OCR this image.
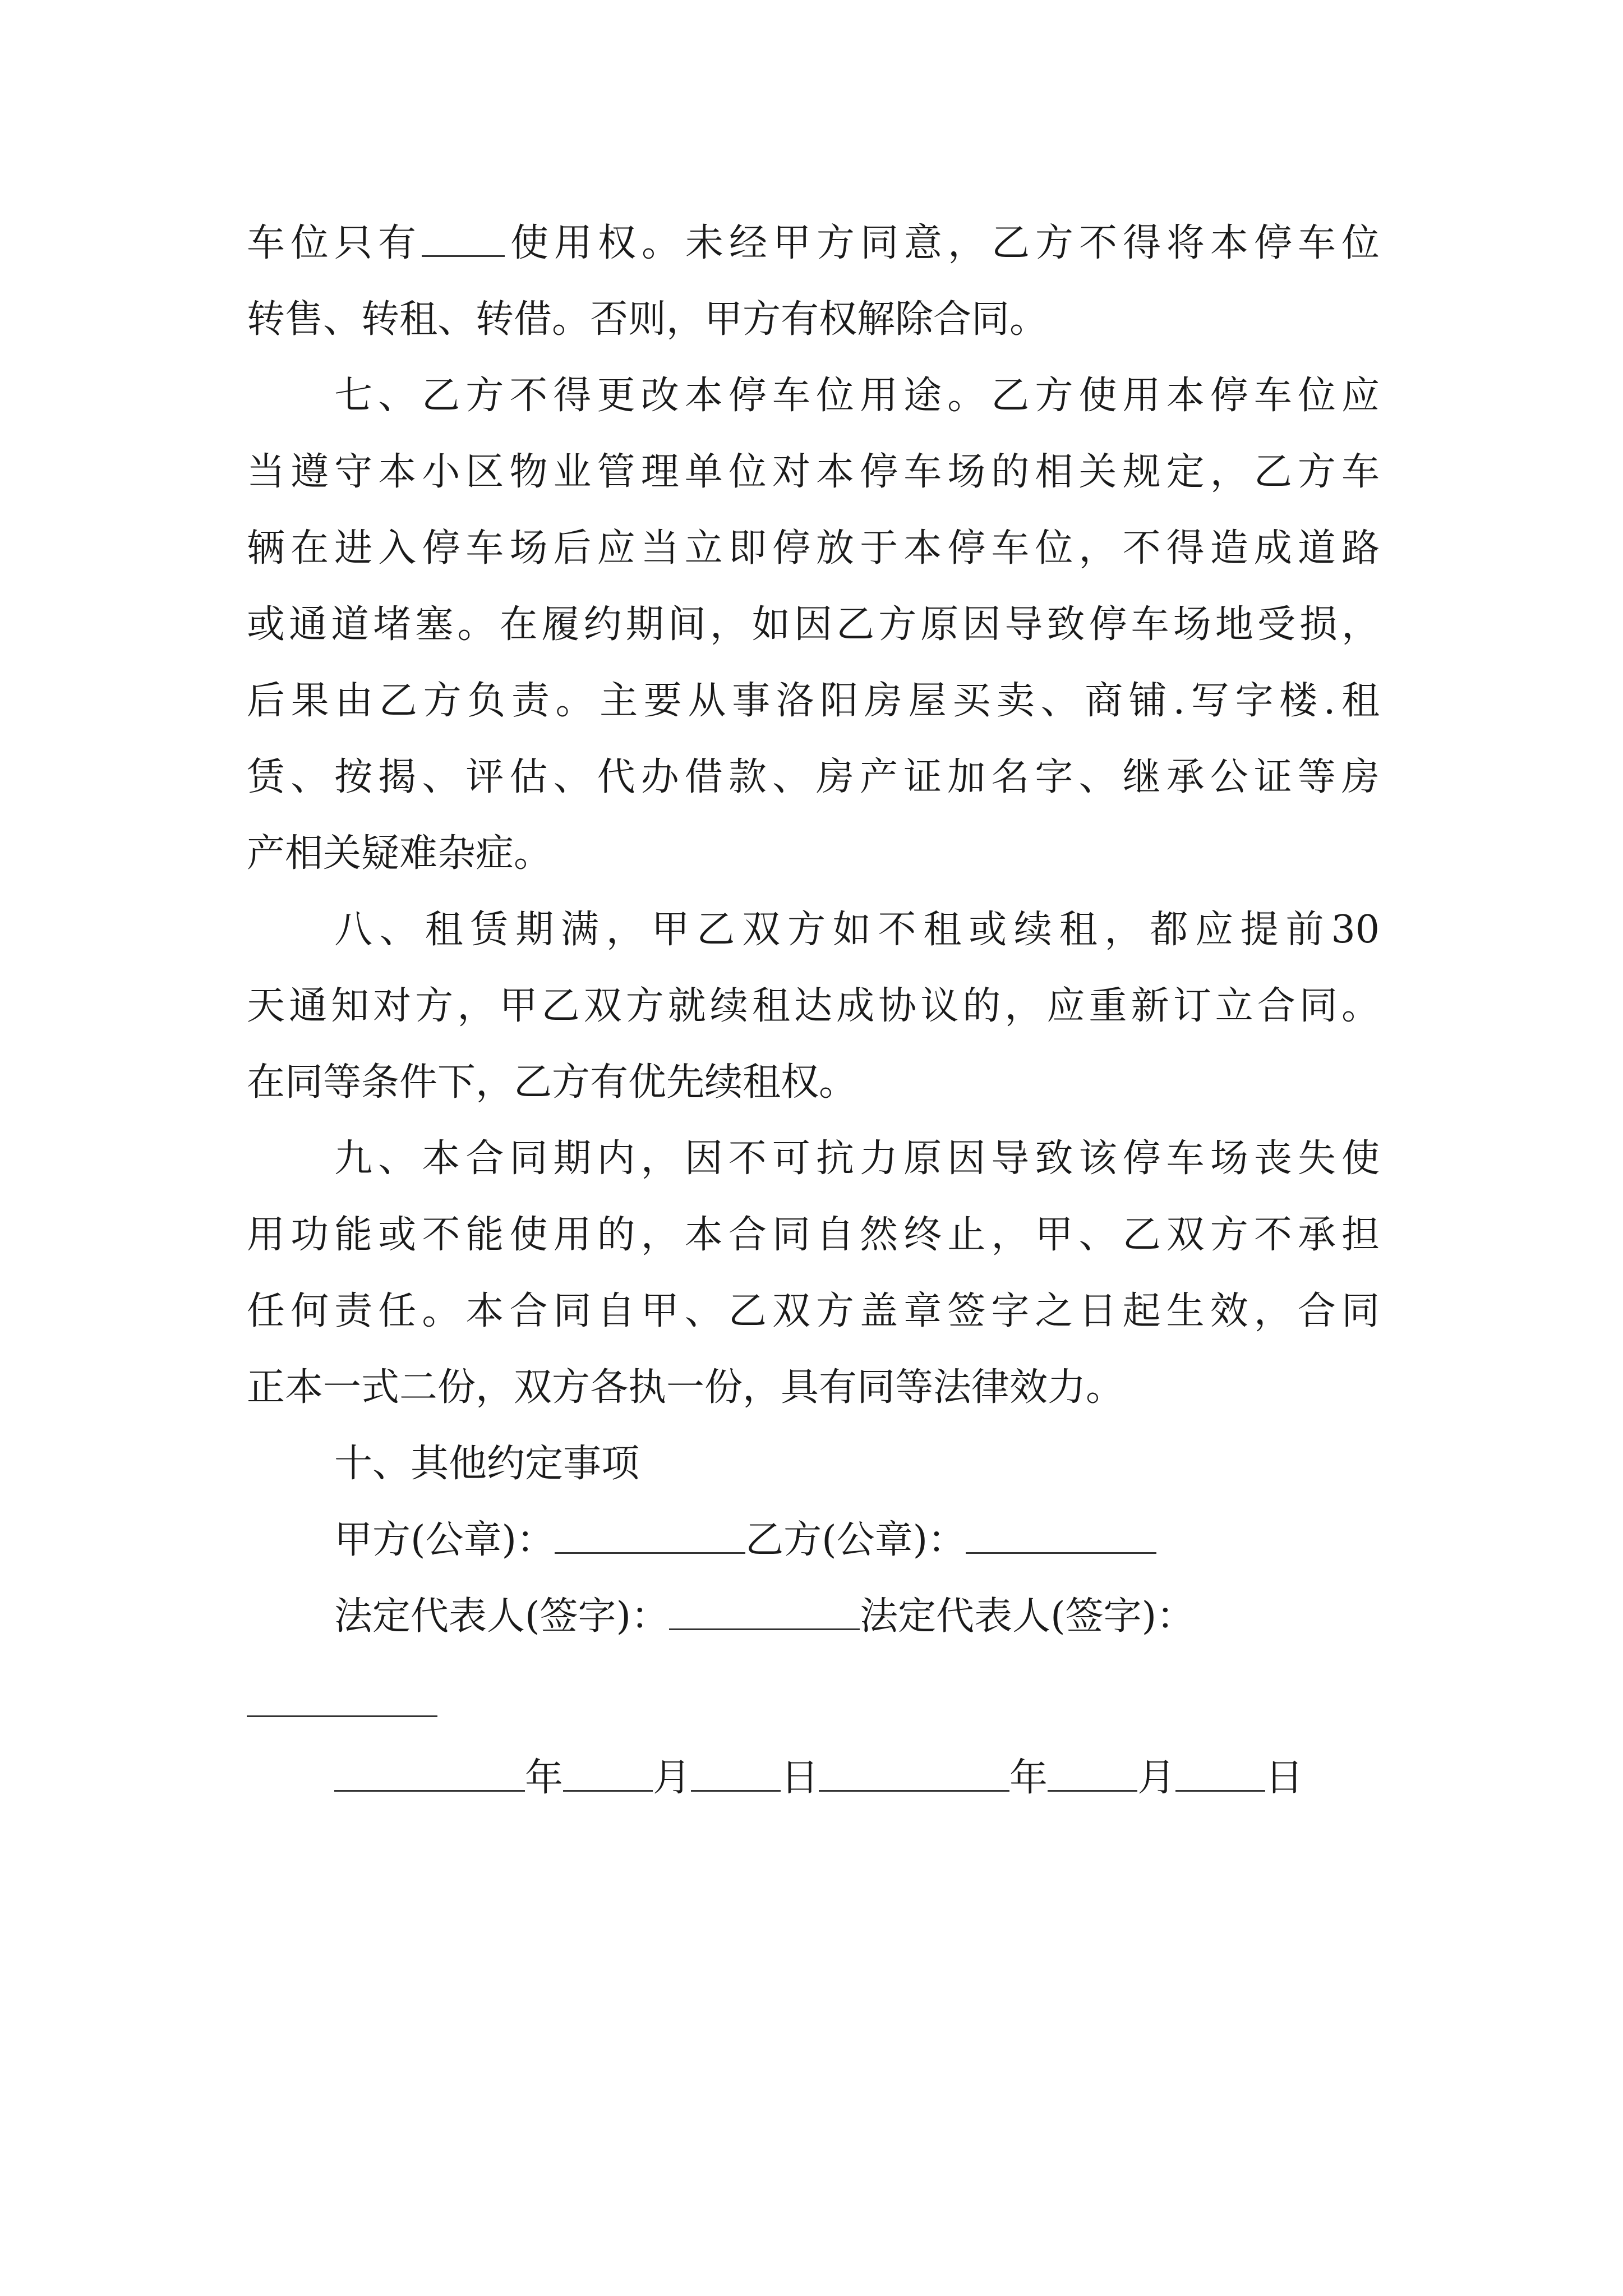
车位只有 使用权。未经甲方同意，乙方不得将本停车位
转售、转租、转借。否则，甲方有权解除合同。
七、乙方不得更改本停车位用途。乙方使用本停车位应
当遵守本小区物业管理单位对本停车场的相关规定，乙方车
辆在进入停车场后应当立即停放于本停车位，不得造成道路
或通道堵塞。在履约期间，如因乙方原因导致停车场地受损，
后果由乙方负责。主要从事洛阳房屋买卖、商铺.写字楼.租
赁、按揭、评估、代办借款、房产证加名字、继承公证等房
产相关疑难杂症。
八、租赁期满，甲乙双方如不租或续租，都应提前30
天通知对方，甲乙双方就续租达成协议的，应重新订立合同。
在同等条件下，乙方有优先续租权。
九、本合同期内，因不可抗力原因导致该停车场丧失使
用功能或不能使用的，本合同自然终止，甲、乙双方不承担
任何责任。本合同自甲、乙双方盖章签字之日起生效，合同
正本一式二份，双方各执一份，具有同等法律效力。
十、其他约定事项
甲方(公章)：	乙方(公章)：
法定代表人(签字)：	法定代表人(签字)：
年 月 日	年 月 日
